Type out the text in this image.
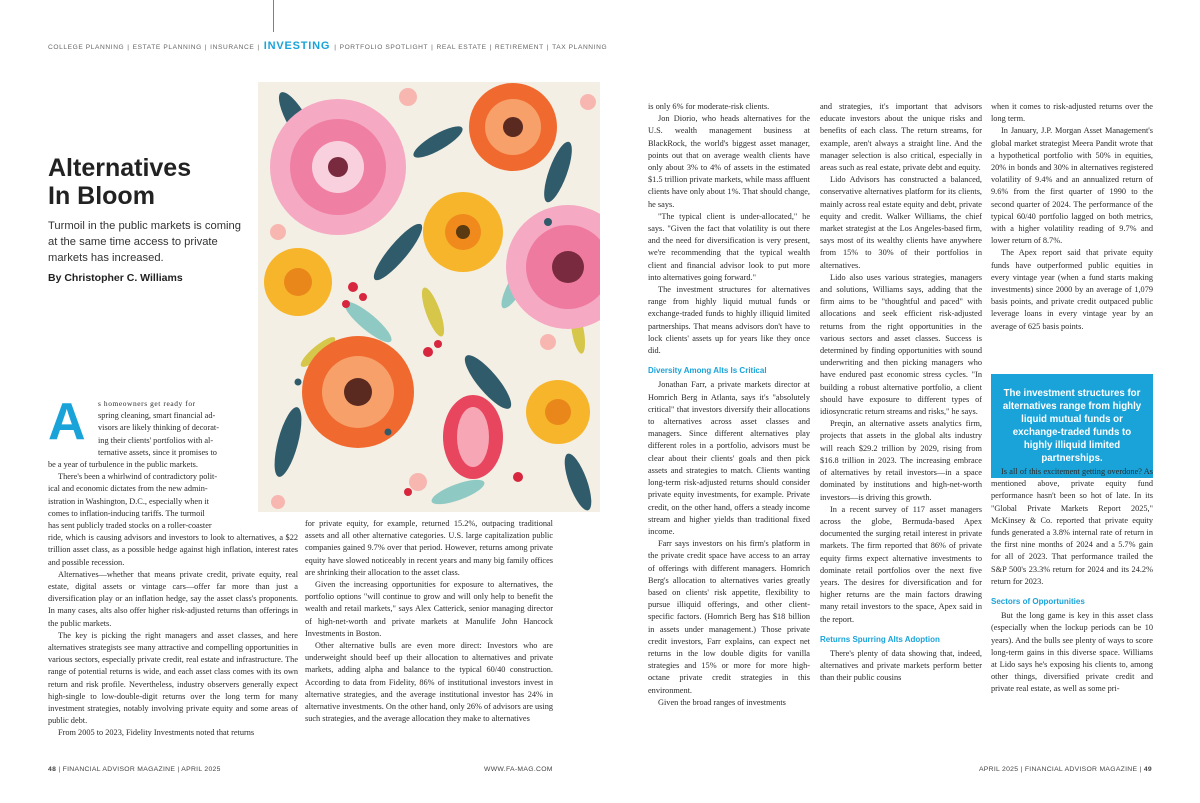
COLLEGE PLANNING | ESTATE PLANNING | INSURANCE | INVESTING | PORTFOLIO SPOTLIGHT | REAL ESTATE | RETIREMENT | TAX PLANNING
Alternatives
In Bloom

Turmoil in the public markets is coming at the same time access to private markets has increased.

By Christopher C. Williams

A	s homeowners get ready for
spring cleaning, smart financial ad-
visors are likely thinking of decorat-
ing their clients' portfolios with al-
ternative assets, since it promises to
be a year of turbulence in the public markets.
There's been a whirlwind of contradictory polit-
ical and economic dictates from the new admin-
istration in Washington, D.C., especially when it
comes to inflation-inducing tariffs. The turmoil
has sent publicly traded stocks on a roller-coaster

ride, which is causing advisors and investors to look to alternatives, a $22 trillion asset class, as a possible hedge against high inflation, interest rates and possible recession.

Alternatives—whether that means private credit, private equity, real estate, digital assets or vintage cars—offer far more than just a diversification play or an inflation hedge, say the asset class's proponents. In many cases, alts also offer higher risk-adjusted returns than offerings in the public markets.

The key is picking the right managers and asset classes, and here alternatives strategists see many attractive and compelling opportunities in various sectors, especially private credit, real estate and infrastructure. The range of potential returns is wide, and each asset class comes with its own return and risk profile. Nevertheless, industry observers generally expect high-single to low-double-digit returns over the long term for many investment strategies, notably involving private equity and some areas of public debt.

From 2005 to 2023, Fidelity Investments noted that returns

for private equity, for example, returned 15.2%, outpacing traditional assets and all other alternative categories. U.S. large capitalization public companies gained 9.7% over that period. However, returns among private equity have slowed noticeably in recent years and many big family offices are shrinking their allocation to the asset class.

Given the increasing opportunities for exposure to alternatives, the portfolio options "will continue to grow and will only help to benefit the wealth and retail markets," says Alex Catterick, senior managing director of high-net-worth and private markets at Manulife John Hancock Investments in Boston.

Other alternative bulls are even more direct: Investors who are underweight should beef up their allocation to alternatives and private markets, adding alpha and balance to the typical 60/40 construction. According to data from Fidelity, 86% of institutional investors invest in alternative strategies, and the average institutional investor has 24% in alternative investments. On the other hand, only 26% of advisors are using such strategies, and the average allocation they make to alternatives

is only 6% for moderate-risk clients.

Jon Diorio, who heads alternatives for the U.S. wealth management business at BlackRock, the world's biggest asset manager, points out that on average wealth clients have only about 3% to 4% of assets in the estimated $1.5 trillion private markets, while mass affluent clients have only about 1%. That should change, he says.

"The typical client is under-allocated," he says. "Given the fact that volatility is out there and the need for diversification is very present, we're recommending that the typical wealth client and financial advisor look to put more into alternatives going forward."

The investment structures for alternatives range from highly liquid mutual funds or exchange-traded funds to highly illiquid limited partnerships. That means advisors don't have to lock clients' assets up for years like they once did.

Diversity Among Alts Is Critical

Jonathan Farr, a private markets director at Homrich Berg in Atlanta, says it's "absolutely critical" that investors diversify their allocations to alternatives across asset classes and managers. Since different alternatives play different roles in a portfolio, advisors must be clear about their clients' goals and then pick assets and strategies to match. Clients wanting long-term risk-adjusted returns should consider private equity investments, for example. Private credit, on the other hand, offers a steady income stream and higher yields than traditional fixed income.

Farr says investors on his firm's platform in the private credit space have access to an array of offerings with different managers. Homrich Berg's allocation to alternatives varies greatly based on clients' risk appetite, flexibility to pursue illiquid offerings, and other client-specific factors. (Homrich Berg has $18 billion in assets under management.) Those private credit investors, Farr explains, can expect net returns in the low double digits for vanilla strategies and 15% or more for more high-octane private credit strategies in this environment.

Given the broad ranges of investments

and strategies, it's important that advisors educate investors about the unique risks and benefits of each class. The return streams, for example, aren't always a straight line. And the manager selection is also critical, especially in areas such as real estate, private debt and equity.

Lido Advisors has constructed a balanced, conservative alternatives platform for its clients, mainly across real estate equity and debt, private equity and credit. Walker Williams, the chief market strategist at the Los Angeles-based firm, says most of its wealthy clients have anywhere from 15% to 30% of their portfolios in alternatives.

Lido also uses various strategies, managers and solutions, Williams says, adding that the firm aims to be "thoughtful and paced" with allocations and seek efficient risk-adjusted returns from the right opportunities in the various sectors and asset classes. Success is determined by finding opportunities with sound underwriting and then picking managers who have endured past economic stress cycles. "In building a robust alternative portfolio, a client should have exposure to different types of idiosyncratic return streams and risks," he says.

Preqin, an alternative assets analytics firm, projects that assets in the global alts industry will reach $29.2 trillion by 2029, rising from $16.8 trillion in 2023. The increasing embrace of alternatives by retail investors—in a space dominated by institutions and high-net-worth investors—is driving this growth.

In a recent survey of 117 asset managers across the globe, Bermuda-based Apex documented the surging retail interest in private markets. The firm reported that 86% of private equity firms expect alternative investments to dominate retail portfolios over the next five years. The desires for diversification and for higher returns are the main factors drawing many retail investors to the space, Apex said in the report.

Returns Spurring Alts Adoption

There's plenty of data showing that, indeed, alternatives and private markets perform better than their public cousins

when it comes to risk-adjusted returns over the long term.

In January, J.P. Morgan Asset Management's global market strategist Meera Pandit wrote that a hypothetical portfolio with 50% in equities, 20% in bonds and 30% in alternatives registered volatility of 9.4% and an annualized return of 9.6% from the first quarter of 1990 to the second quarter of 2024. The performance of the typical 60/40 portfolio lagged on both metrics, with a higher volatility reading of 9.7% and lower return of 8.7%.

The Apex report said that private equity funds have outperformed public equities in every vintage year (when a fund starts making investments) since 2000 by an average of 1,079 basis points, and private credit outpaced public leverage loans in every vintage year by an average of 625 basis points.

The investment structures for alternatives range from highly liquid mutual funds or exchange-traded funds to highly illiquid limited partnerships.

Is all of this excitement getting overdone? As mentioned above, private equity fund performance hasn't been so hot of late. In its "Global Private Markets Report 2025," McKinsey & Co. reported that private equity funds generated a 3.8% internal rate of return in the first nine months of 2024 and a 5.7% gain for all of 2023. That performance trailed the S&P 500's 23.3% return for 2024 and its 24.2% return for 2023.

Sectors of Opportunities

But the long game is key in this asset class (especially when the lockup periods can be 10 years). And the bulls see plenty of ways to score long-term gains in this diverse space. Williams at Lido says he's exposing his clients to, among other things, diversified private credit and private real estate, as well as some pri-

48 | FINANCIAL ADVISOR MAGAZINE | APRIL 2025	WWW.FA-MAG.COM	APRIL 2025 | FINANCIAL ADVISOR MAGAZINE | 49
